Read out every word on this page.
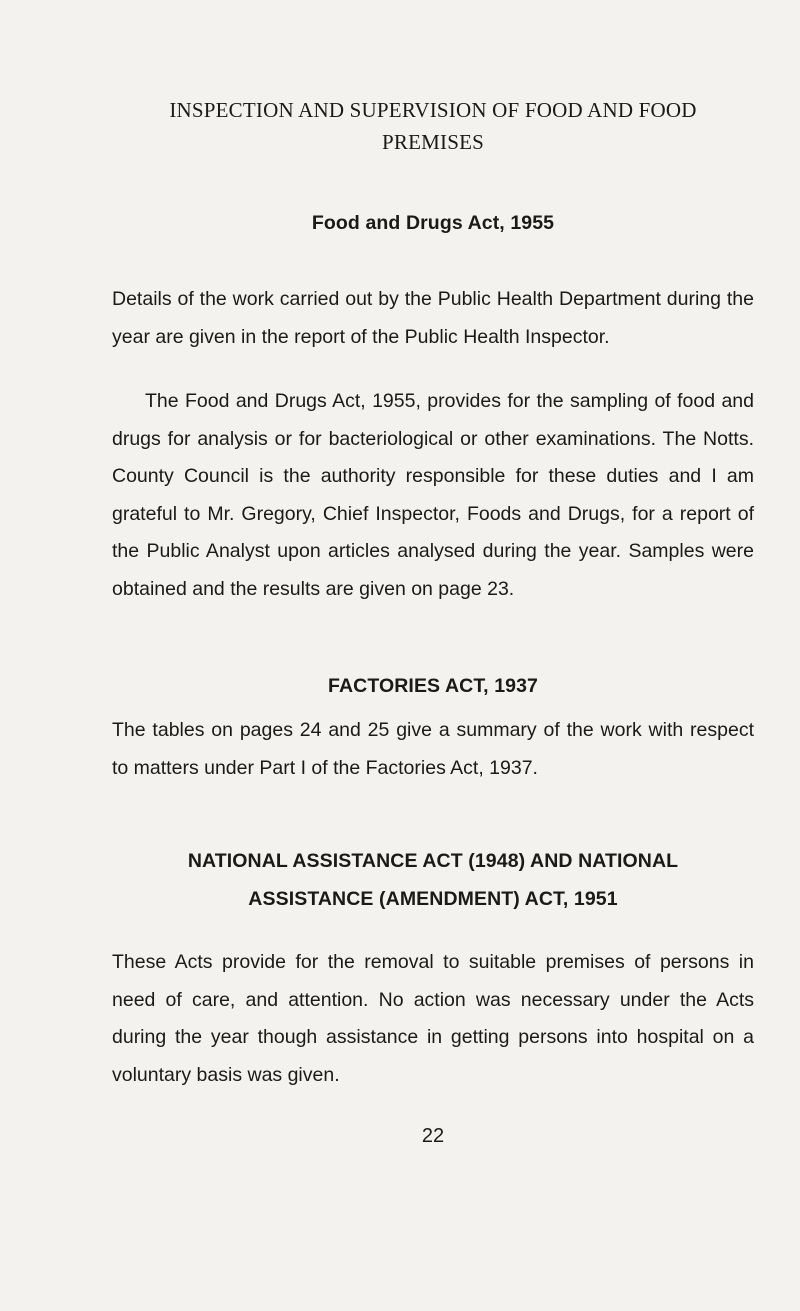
INSPECTION AND SUPERVISION OF FOOD AND FOOD
PREMISES
Food and Drugs Act, 1955

Details of the work carried out by the Public Health Department during the year are given in the report of the Public Health Inspector.

The Food and Drugs Act, 1955, provides for the sampling of food and drugs for analysis or for bacteriological or other examinations. The Notts. County Council is the authority responsible for these duties and I am grateful to Mr. Gregory, Chief Inspector, Foods and Drugs, for a report of the Public Analyst upon articles analysed during the year. Samples were obtained and the results are given on page 23.

FACTORIES ACT, 1937

The tables on pages 24 and 25 give a summary of the work with respect to matters under Part I of the Factories Act, 1937.

NATIONAL ASSISTANCE ACT (1948) AND NATIONAL
ASSISTANCE (AMENDMENT) ACT, 1951

These Acts provide for the removal to suitable premises of persons in need of care, and attention. No action was necessary under the Acts during the year though assistance in getting persons into hospital on a voluntary basis was given.

22
